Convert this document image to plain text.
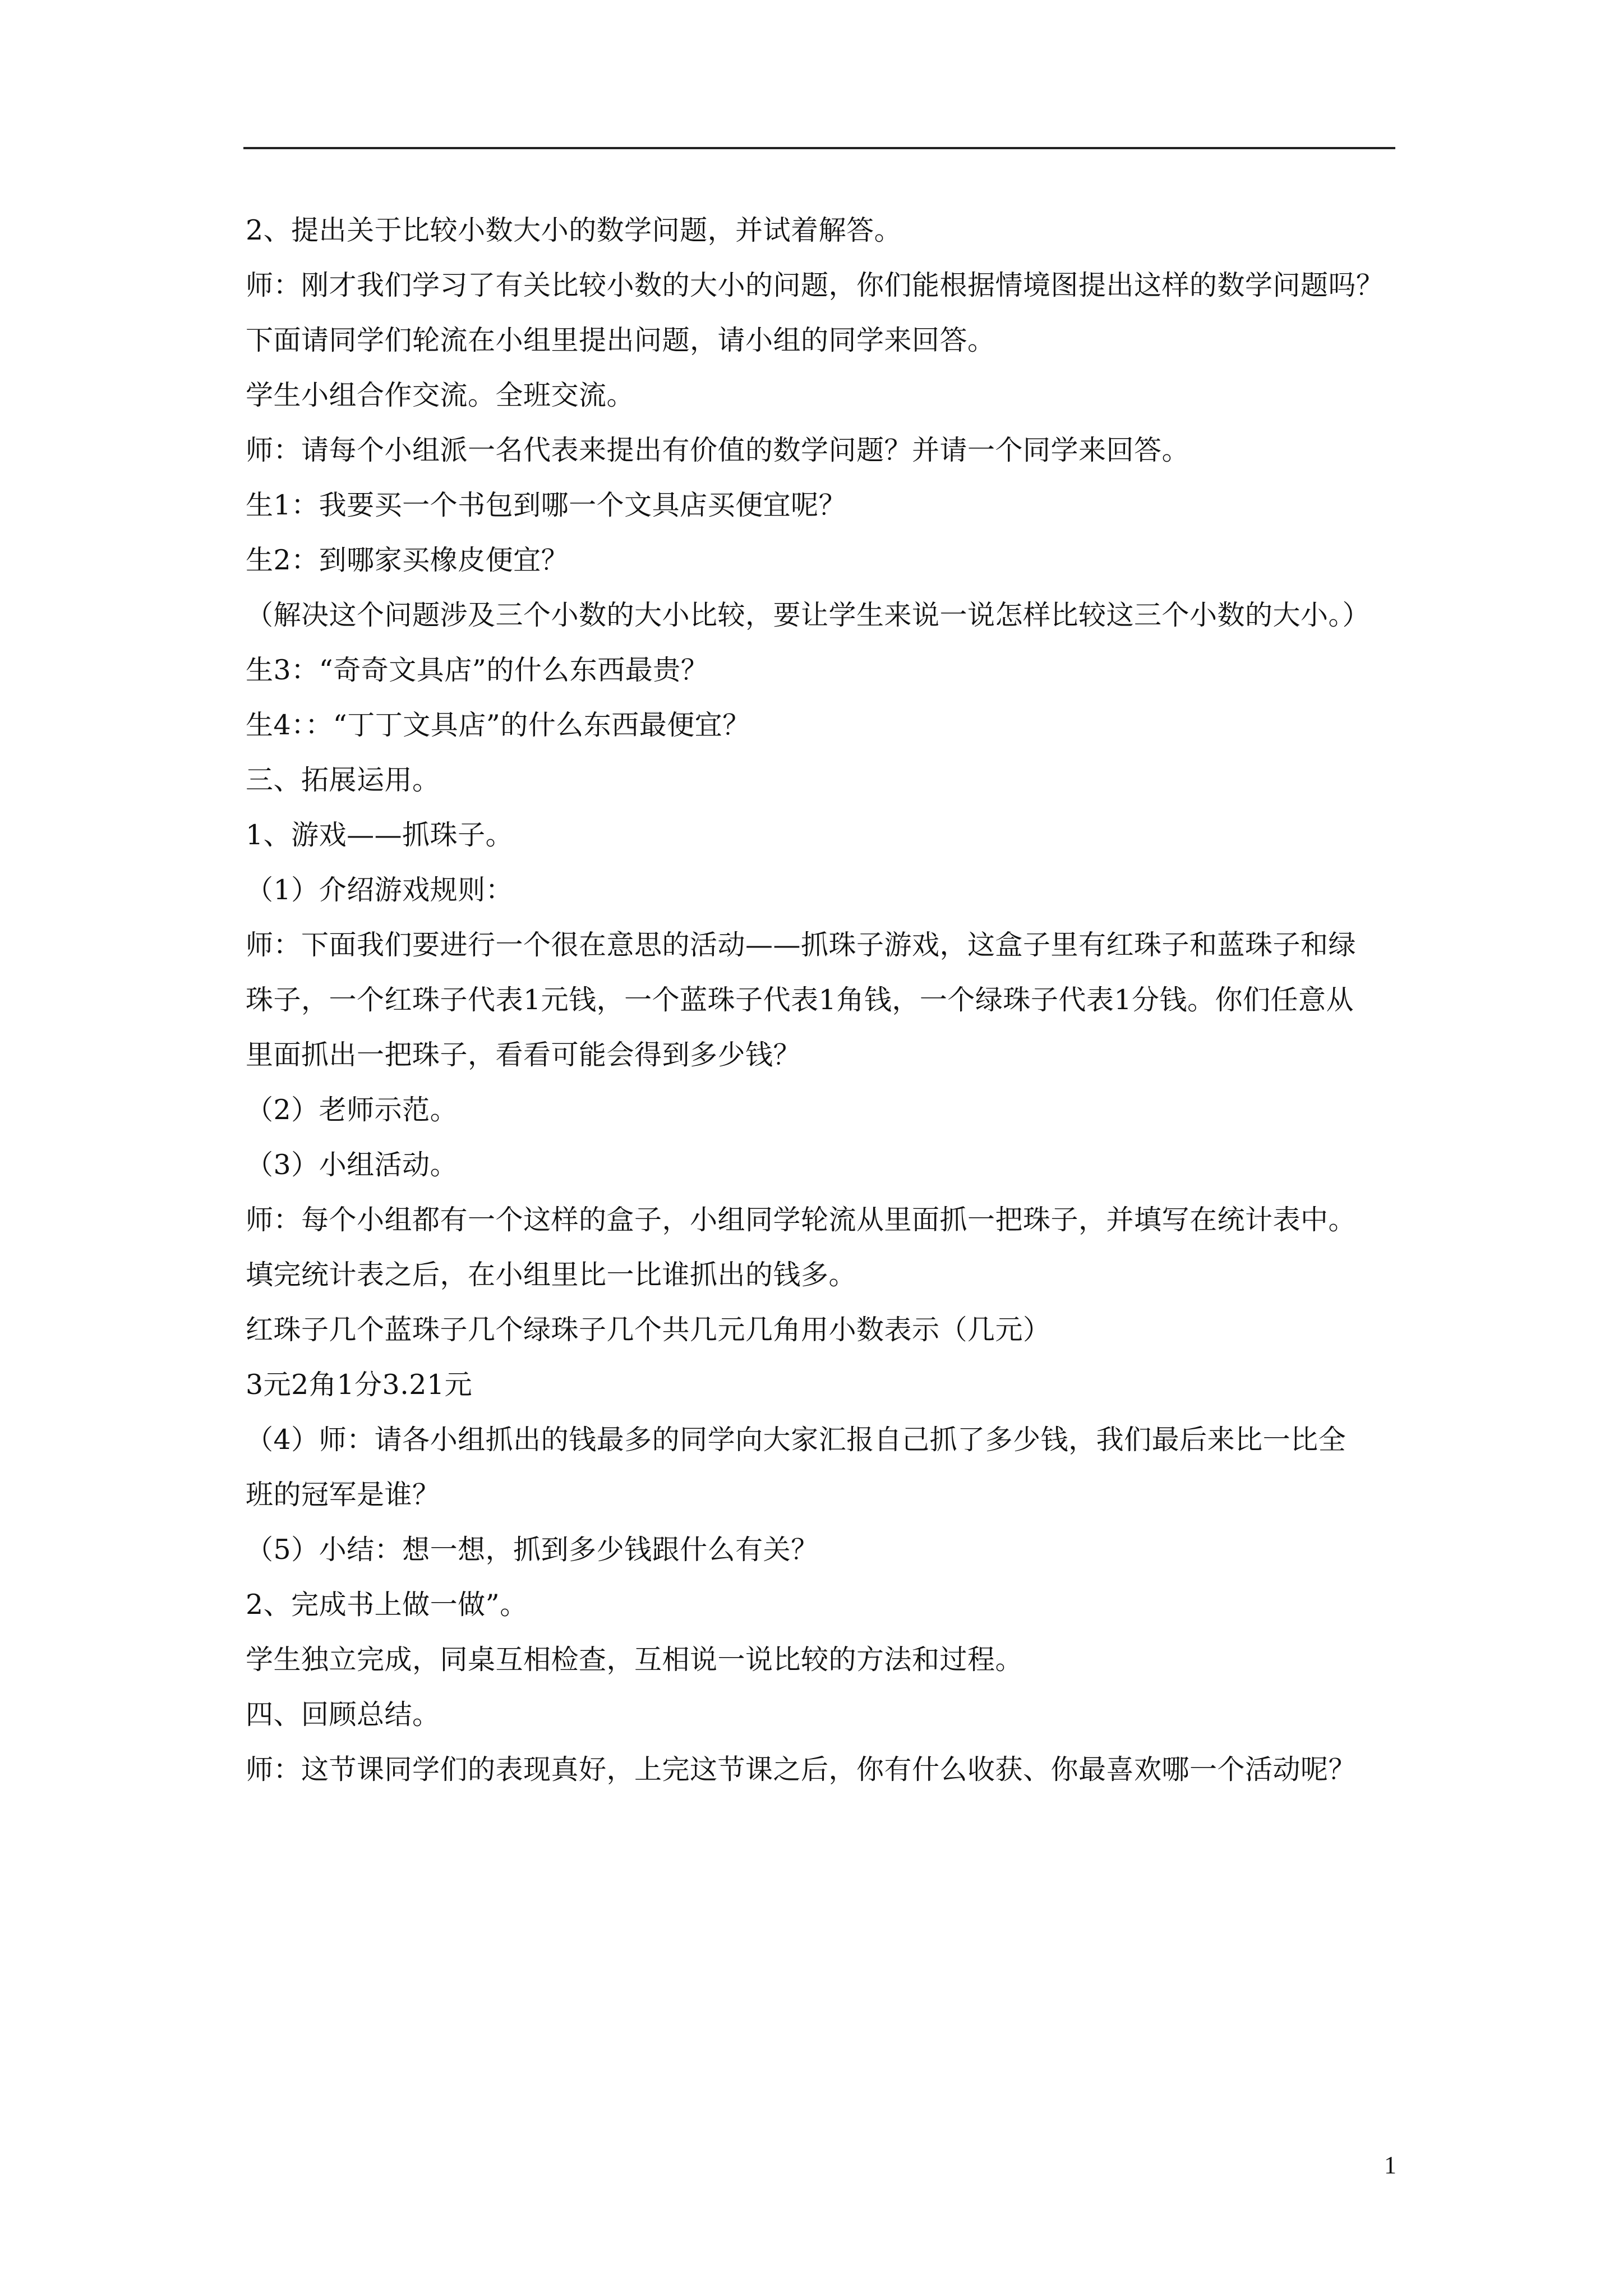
2、提出关于比较小数大小的数学问题，并试着解答。
师：刚才我们学习了有关比较小数的大小的问题，你们能根据情境图提出这样的数学问题吗？
下面请同学们轮流在小组里提出问题，请小组的同学来回答。
学生小组合作交流。全班交流。
师：请每个小组派一名代表来提出有价值的数学问题？并请一个同学来回答。
生1：我要买一个书包到哪一个文具店买便宜呢？
生2：到哪家买橡皮便宜？
（解决这个问题涉及三个小数的大小比较，要让学生来说一说怎样比较这三个小数的大小。）
生3：“奇奇文具店”的什么东西最贵？
生4：：“丁丁文具店”的什么东西最便宜？
三、拓展运用。
1、游戏——抓珠子。
（1）介绍游戏规则：
师：下面我们要进行一个很在意思的活动——抓珠子游戏，这盒子里有红珠子和蓝珠子和绿
珠子，一个红珠子代表1元钱，一个蓝珠子代表1角钱，一个绿珠子代表1分钱。你们任意从
里面抓出一把珠子，看看可能会得到多少钱？
（2）老师示范。
（3）小组活动。
师：每个小组都有一个这样的盒子，小组同学轮流从里面抓一把珠子，并填写在统计表中。
填完统计表之后，在小组里比一比谁抓出的钱多。
红珠子几个蓝珠子几个绿珠子几个共几元几角用小数表示（几元）
3元2角1分3.21元
（4）师：请各小组抓出的钱最多的同学向大家汇报自己抓了多少钱，我们最后来比一比全
班的冠军是谁？
（5）小结：想一想，抓到多少钱跟什么有关？
2、完成书上做一做”。
学生独立完成，同桌互相检查，互相说一说比较的方法和过程。
四、回顾总结。
师：这节课同学们的表现真好，上完这节课之后，你有什么收获、你最喜欢哪一个活动呢？
1
